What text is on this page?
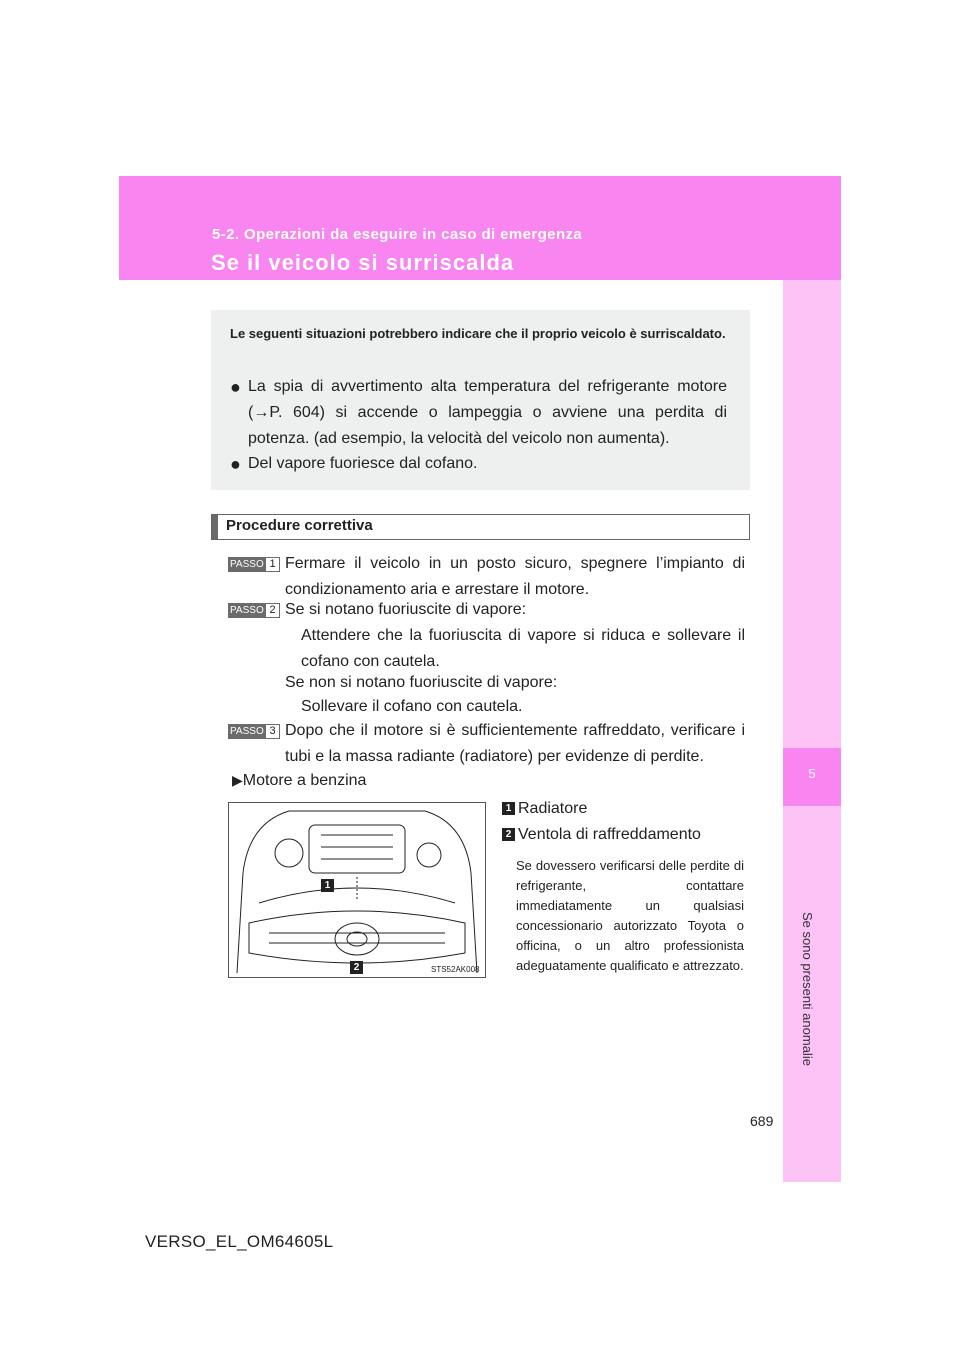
5-2. Operazioni da eseguire in caso di emergenza
Se il veicolo si surriscalda
5
Se sono presenti anomalie
Le seguenti situazioni potrebbero indicare che il proprio veicolo è surriscaldato.
● La spia di avvertimento alta temperatura del refrigerante motore (→P. 604) si accende o lampeggia o avviene una perdita di potenza. (ad esempio, la velocità del veicolo non aumenta).
● Del vapore fuoriesce dal cofano.
Procedure correttiva
PASSO 1 Fermare il veicolo in un posto sicuro, spegnere l’impianto di condizionamento aria e arrestare il motore.
PASSO 2 Se si notano fuoriuscite di vapore:
Attendere che la fuoriuscita di vapore si riduca e sollevare il cofano con cautela.
Se non si notano fuoriuscite di vapore:
Sollevare il cofano con cautela.
PASSO 3 Dopo che il motore si è sufficientemente raffreddato, verificare i tubi e la massa radiante (radiatore) per evidenze di perdite.
▶Motore a benzina
1
2	STS52AK008
1 Radiatore
2 Ventola di raffreddamento
Se dovessero verificarsi delle perdite di refrigerante, contattare immediatamente un qualsiasi concessionario autorizzato Toyota o officina, o un altro professionista adeguatamente qualificato e attrezzato.
689
VERSO_EL_OM64605L
